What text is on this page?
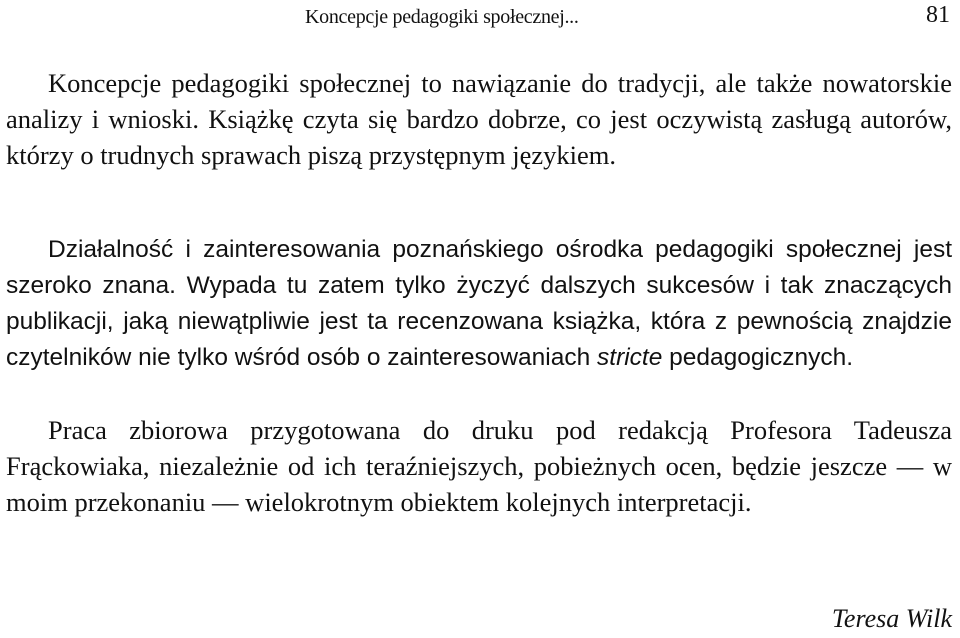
Koncepcje pedagogiki społecznej...	81

Koncepcje pedagogiki społecznej to nawiązanie do tradycji, ale także nowatorskie analizy i wnioski. Książkę czyta się bardzo dobrze, co jest oczywistą zasługą autorów, którzy o trudnych sprawach piszą przystępnym językiem.

Działalność i zainteresowania poznańskiego ośrodka pedagogiki społecznej jest szeroko znana. Wypada tu zatem tylko życzyć dalszych sukcesów i tak znaczących publikacji, jaką niewątpliwie jest ta recenzowana książka, która z pewnością znajdzie czytelników nie tylko wśród osób o zainteresowaniach stricte pedagogicznych.

Praca zbiorowa przygotowana do druku pod redakcją Profesora Tadeusza Frąckowiaka, niezależnie od ich teraźniejszych, pobieżnych ocen, będzie jeszcze — w moim przekonaniu — wielokrotnym obiektem kolejnych interpretacji.

Teresa Wilk
